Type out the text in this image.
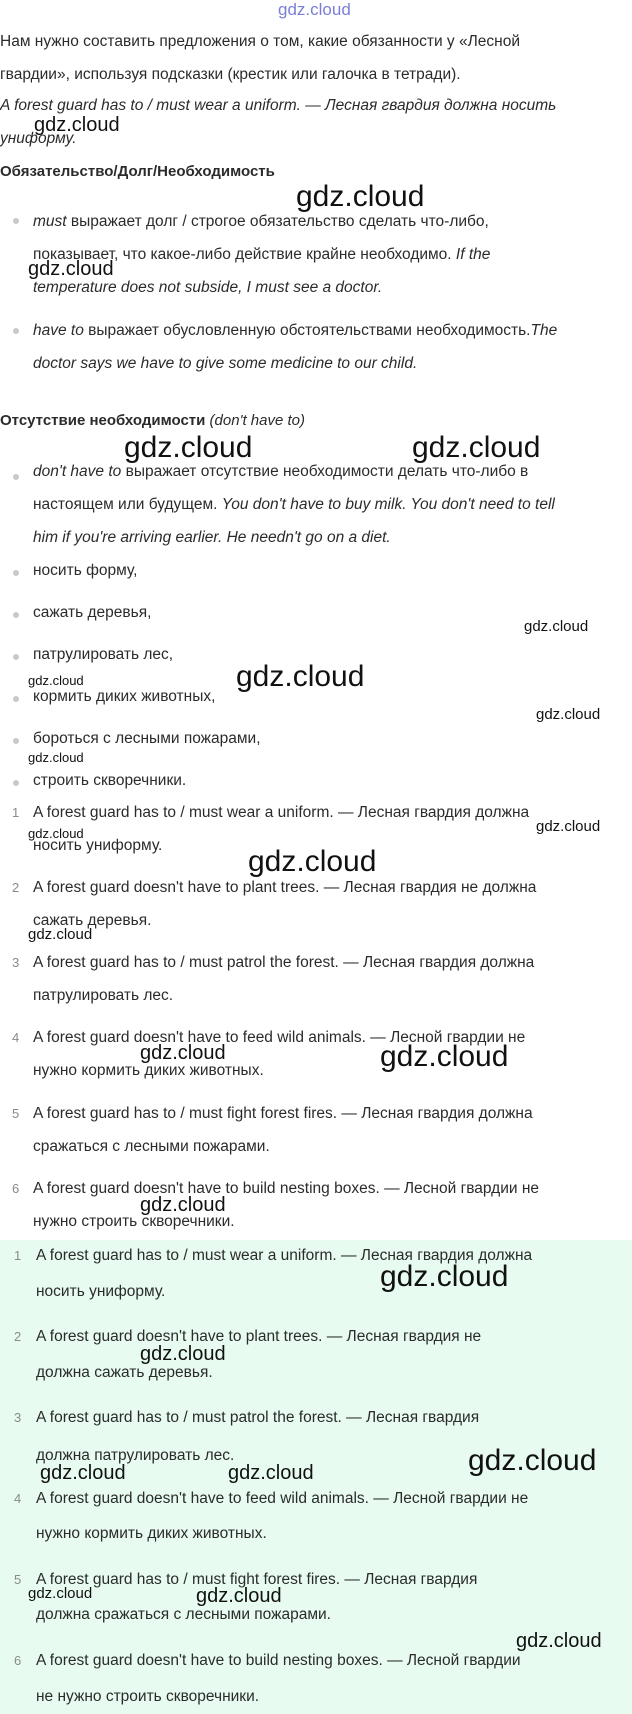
Нам нужно составить предложения о том, какие обязанности у «Лесной
гвардии», используя подсказки (крестик или галочка в тетради).
A forest guard has to / must wear a uniform. — Лесная гвардия должна носить
униформу.
Обязательство/Долг/Необходимость
must выражает долг / строгое обязательство сделать что-либо,
показывает, что какое-либо действие крайне необходимо. If the
temperature does not subside, I must see a doctor.
have to выражает обусловленную обстоятельствами необходимость.The
doctor says we have to give some medicine to our child.
Отсутствие необходимости (don't have to)
don't have to выражает отсутствие необходимости делать что-либо в
настоящем или будущем. You don't have to buy milk. You don't need to tell
him if you're arriving earlier. He needn't go on a diet.
носить форму,
сажать деревья,
патрулировать лес,
кормить диких животных,
бороться с лесными пожарами,
строить скворечники.
1 A forest guard has to / must wear a uniform. — Лесная гвардия должна
носить униформу.
2 A forest guard doesn't have to plant trees. — Лесная гвардия не должна
сажать деревья.
3 A forest guard has to / must patrol the forest. — Лесная гвардия должна
патрулировать лес.
4 A forest guard doesn't have to feed wild animals. — Лесной гвардии не
нужно кормить диких животных.
5 A forest guard has to / must fight forest fires. — Лесная гвардия должна
сражаться с лесными пожарами.
6 A forest guard doesn't have to build nesting boxes. — Лесной гвардии не
нужно строить скворечники.
1 A forest guard has to / must wear a uniform. — Лесная гвардия должна
носить униформу.
2 A forest guard doesn't have to plant trees. — Лесная гвардия не
должна сажать деревья.
3 A forest guard has to / must patrol the forest. — Лесная гвардия
должна патрулировать лес.
4 A forest guard doesn't have to feed wild animals. — Лесной гвардии не
нужно кормить диких животных.
5 A forest guard has to / must fight forest fires. — Лесная гвардия
должна сражаться с лесными пожарами.
6 A forest guard doesn't have to build nesting boxes. — Лесной гвардии
не нужно строить скворечники.
gdz.cloud
gdz.cloud
gdz.cloud
gdz.cloud
gdz.cloud	gdz.cloud
gdz.cloud
gdz.cloud
gdz.cloud
gdz.cloud
gdz.cloud
gdz.cloud	gdz.cloud
gdz.cloud
gdz.cloud
gdz.cloud	gdz.cloud
gdz.cloud
gdz.cloud
gdz.cloud
gdz.cloud
gdz.cloud	gdz.cloud
gdz.cloud	gdz.cloud
gdz.cloud
